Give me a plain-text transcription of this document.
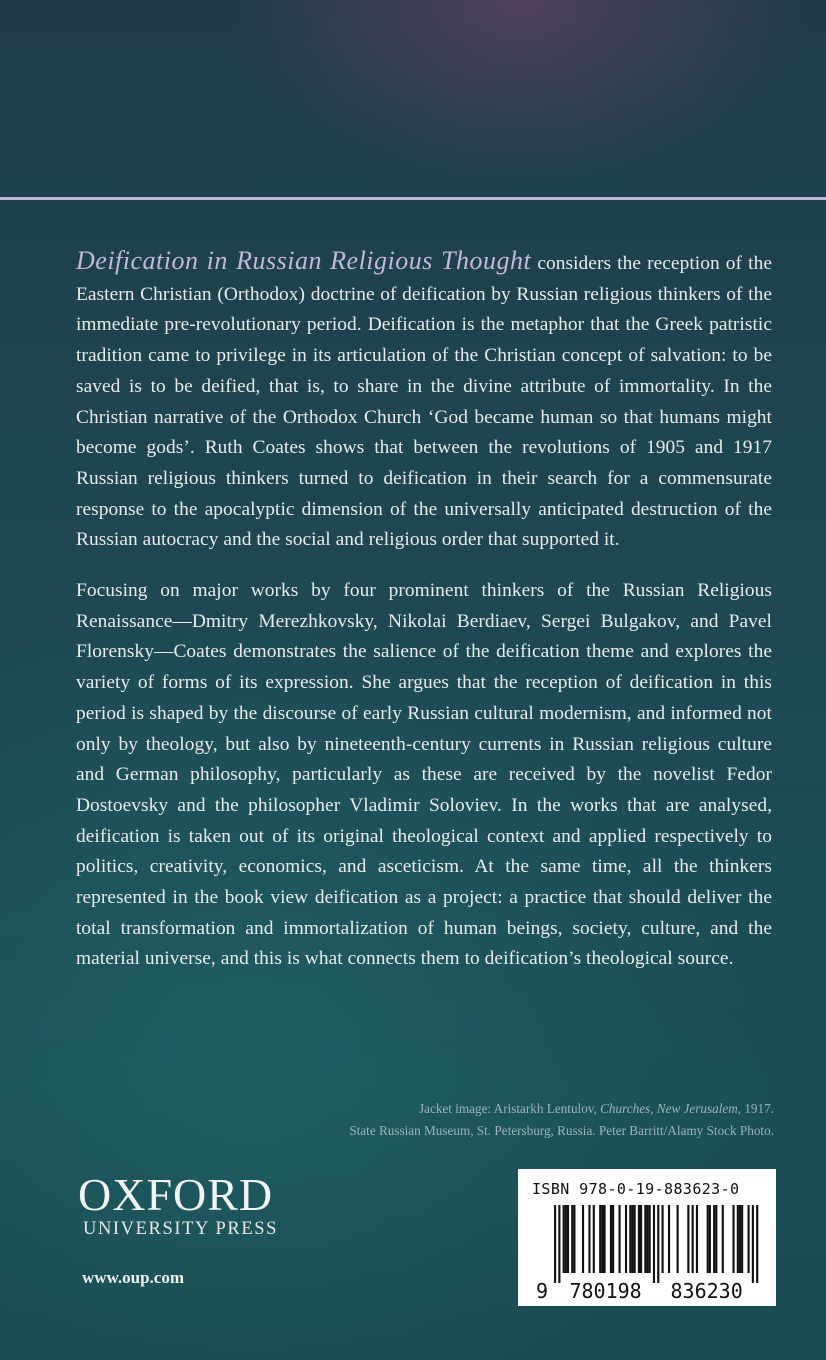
Deification in Russian Religious Thought considers the reception of the Eastern Christian (Orthodox) doctrine of deification by Russian religious thinkers of the immediate pre-revolutionary period. Deification is the metaphor that the Greek patristic tradition came to privilege in its articulation of the Christian concept of salvation: to be saved is to be deified, that is, to share in the divine attribute of immortality. In the Christian narrative of the Orthodox Church ‘God became human so that humans might become gods’. Ruth Coates shows that between the revolutions of 1905 and 1917 Russian religious thinkers turned to deification in their search for a commensurate response to the apocalyptic dimension of the universally anticipated destruction of the Russian autocracy and the social and religious order that supported it.

Focusing on major works by four prominent thinkers of the Russian Religious Renaissance—Dmitry Merezhkovsky, Nikolai Berdiaev, Sergei Bulgakov, and Pavel Florensky—Coates demonstrates the salience of the deification theme and explores the variety of forms of its expression. She argues that the reception of deification in this period is shaped by the discourse of early Russian cultural modernism, and informed not only by theology, but also by nineteenth-century currents in Russian religious culture and German philosophy, particularly as these are received by the novelist Fedor Dostoevsky and the philosopher Vladimir Soloviev. In the works that are analysed, deification is taken out of its original theological context and applied respectively to politics, creativity, economics, and asceticism. At the same time, all the thinkers represented in the book view deification as a project: a practice that should deliver the total transformation and immortalization of human beings, society, culture, and the material universe, and this is what connects them to deification’s theological source.

Jacket image: Aristarkh Lentulov, Churches, New Jerusalem, 1917.
State Russian Museum, St. Petersburg, Russia. Peter Barritt/Alamy Stock Photo.
OXFORD
UNIVERSITY PRESS
www.oup.com
ISBN 978-0-19-883623-0
9 780198 836230
